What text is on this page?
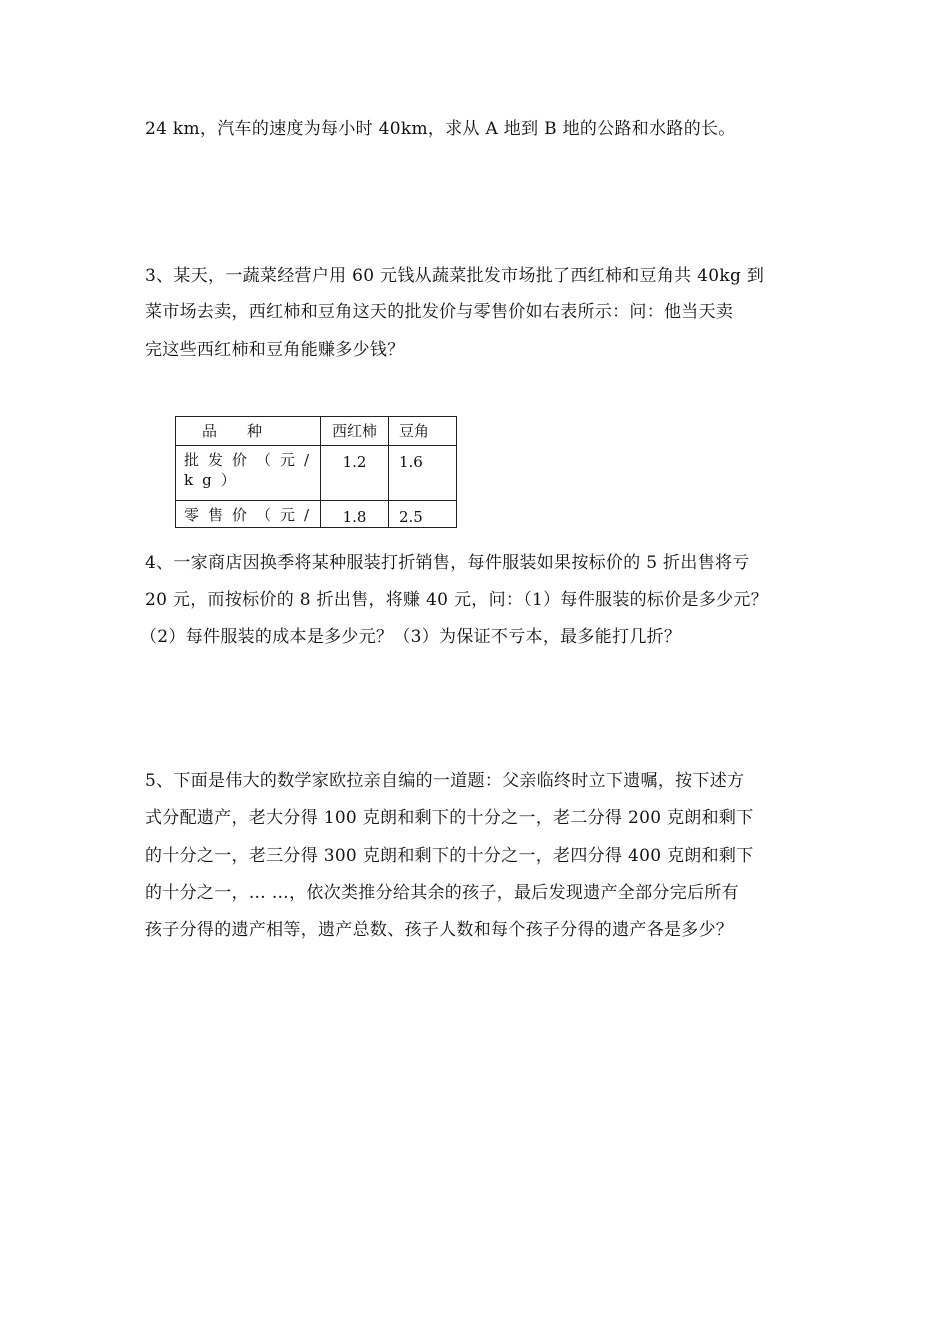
24 km，汽车的速度为每小时 40km，求从 A 地到 B 地的公路和水路的长。
3、某天，一蔬菜经营户用 60 元钱从蔬菜批发市场批了西红柿和豆角共 40kg 到
菜市场去卖，西红柿和豆角这天的批发价与零售价如右表所示：问：他当天卖
完这些西红柿和豆角能赚多少钱？
品　　种	西红柿	豆角
批发价（元/kg）	1.2	1.6
零售价（元/	1.8	2.5
4、一家商店因换季将某种服装打折销售，每件服装如果按标价的 5 折出售将亏
20 元，而按标价的 8 折出售，将赚 40 元，问：（1）每件服装的标价是多少元？
（2）每件服装的成本是多少元？（3）为保证不亏本，最多能打几折？
5、下面是伟大的数学家欧拉亲自编的一道题：父亲临终时立下遗嘱，按下述方
式分配遗产，老大分得 100 克朗和剩下的十分之一，老二分得 200 克朗和剩下
的十分之一，老三分得 300 克朗和剩下的十分之一，老四分得 400 克朗和剩下
的十分之一，… …，依次类推分给其余的孩子，最后发现遗产全部分完后所有
孩子分得的遗产相等，遗产总数、孩子人数和每个孩子分得的遗产各是多少？
